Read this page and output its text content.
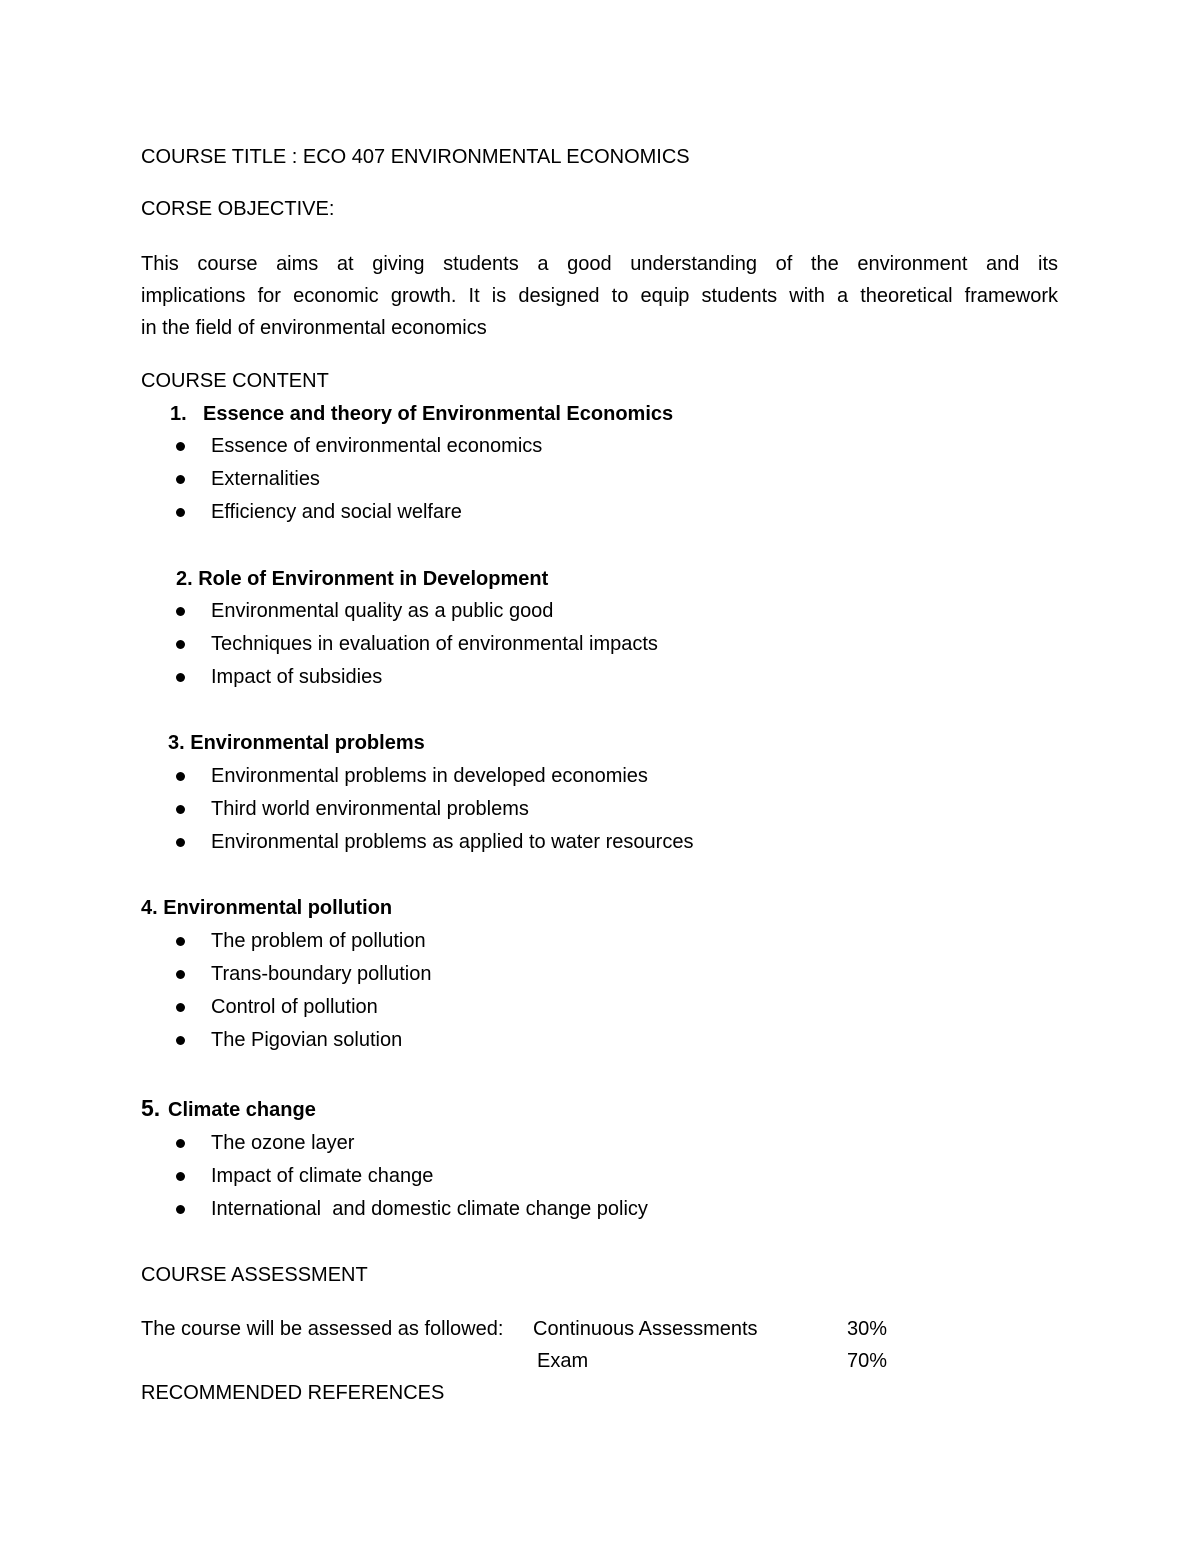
COURSE TITLE : ECO 407 ENVIRONMENTAL ECONOMICS
CORSE OBJECTIVE:
This course aims at giving students a good understanding of the environment and its
implications for economic growth. It is designed to equip students with a theoretical framework
in the field of environmental economics
COURSE CONTENT
1. Essence and theory of Environmental Economics
Essence of environmental economics
Externalities
Efficiency and social welfare
2. Role of Environment in Development
Environmental quality as a public good
Techniques in evaluation of environmental impacts
Impact of subsidies
3. Environmental problems
Environmental problems in developed economies
Third world environmental problems
Environmental problems as applied to water resources
4. Environmental pollution
The problem of pollution
Trans-boundary pollution
Control of pollution
The Pigovian solution
5. Climate change
The ozone layer
Impact of climate change
International  and domestic climate change policy
COURSE ASSESSMENT
The course will be assessed as followed: Continuous Assessments	30%
Exam	70%
RECOMMENDED REFERENCES
